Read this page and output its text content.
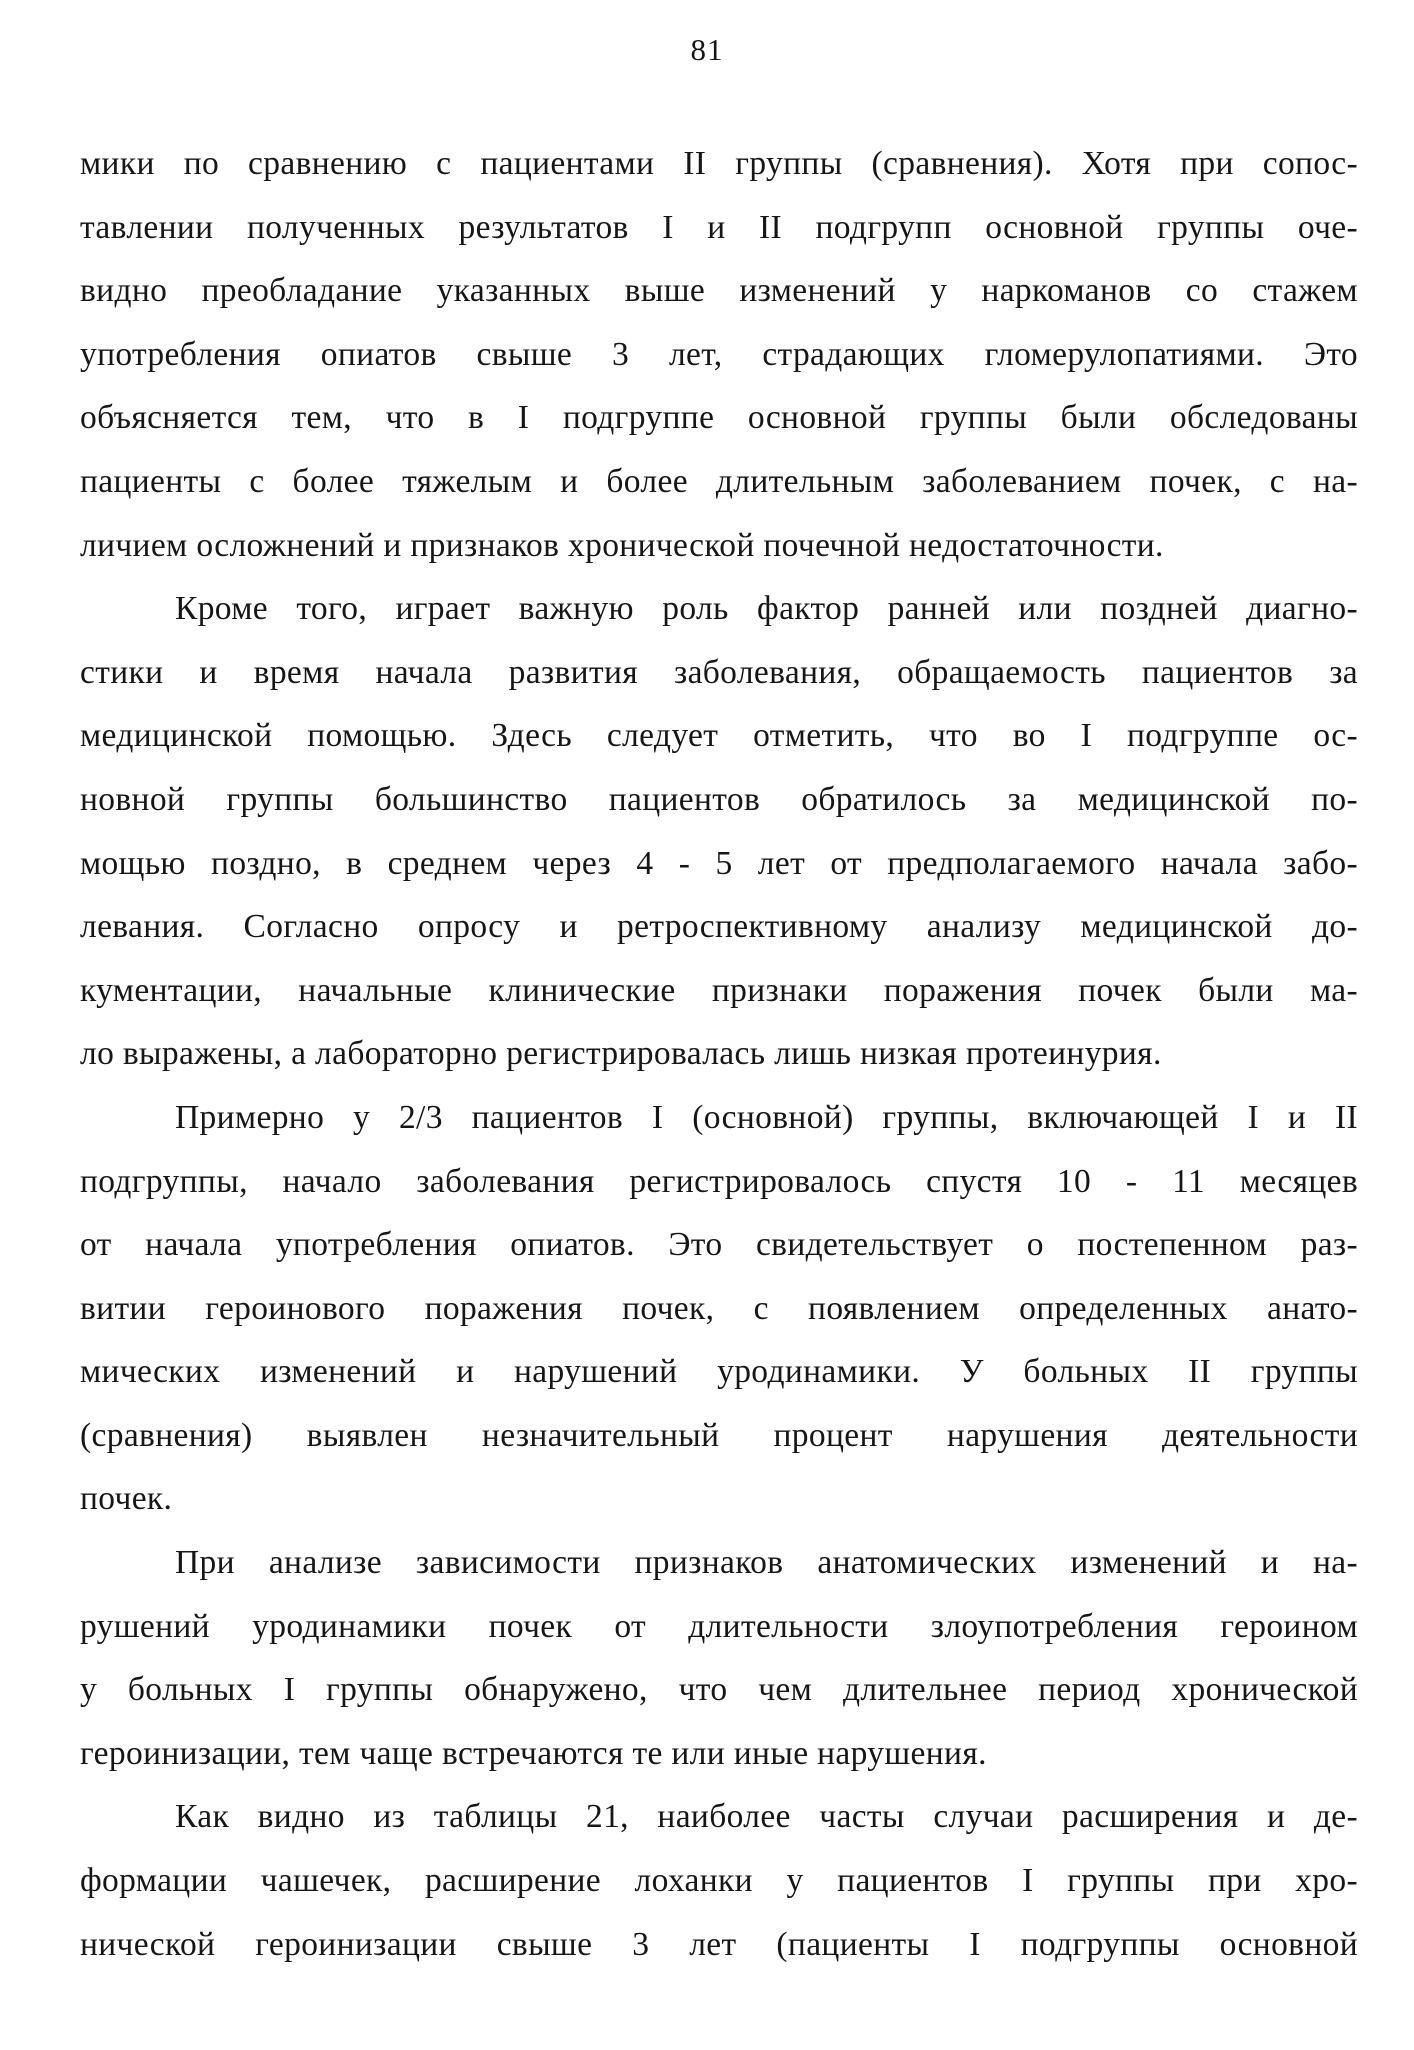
81
мики по сравнению с пациентами II группы (сравнения). Хотя при сопос-
тавлении полученных результатов I и II подгрупп основной группы оче-
видно преобладание указанных выше изменений у наркоманов со стажем
употребления опиатов свыше 3 лет, страдающих гломерулопатиями. Это
объясняется тем, что в I подгруппе основной группы были обследованы
пациенты с более тяжелым и более длительным заболеванием почек, с на-
личием осложнений и признаков хронической почечной недостаточности.
Кроме того, играет важную роль фактор ранней или поздней диагно-
стики и время начала развития заболевания, обращаемость пациентов за
медицинской помощью. Здесь следует отметить, что во I подгруппе ос-
новной группы большинство пациентов обратилось за медицинской по-
мощью поздно, в среднем через 4 - 5 лет от предполагаемого начала забо-
левания. Согласно опросу и ретроспективному анализу медицинской до-
кументации, начальные клинические признаки поражения почек были ма-
ло выражены, а лабораторно регистрировалась лишь низкая протеинурия.
Примерно у 2/3 пациентов I (основной) группы, включающей I и II
подгруппы, начало заболевания регистрировалось спустя 10 - 11 месяцев
от начала употребления опиатов. Это свидетельствует о постепенном раз-
витии героинового поражения почек, с появлением определенных анато-
мических изменений и нарушений уродинамики. У больных II группы
(сравнения) выявлен незначительный процент нарушения деятельности
почек.
При анализе зависимости признаков анатомических изменений и на-
рушений уродинамики почек от длительности злоупотребления героином
у больных I группы обнаружено, что чем длительнее период хронической
героинизации, тем чаще встречаются те или иные нарушения.
Как видно из таблицы 21, наиболее часты случаи расширения и де-
формации чашечек, расширение лоханки у пациентов I группы при хро-
нической героинизации свыше 3 лет (пациенты I подгруппы основной
